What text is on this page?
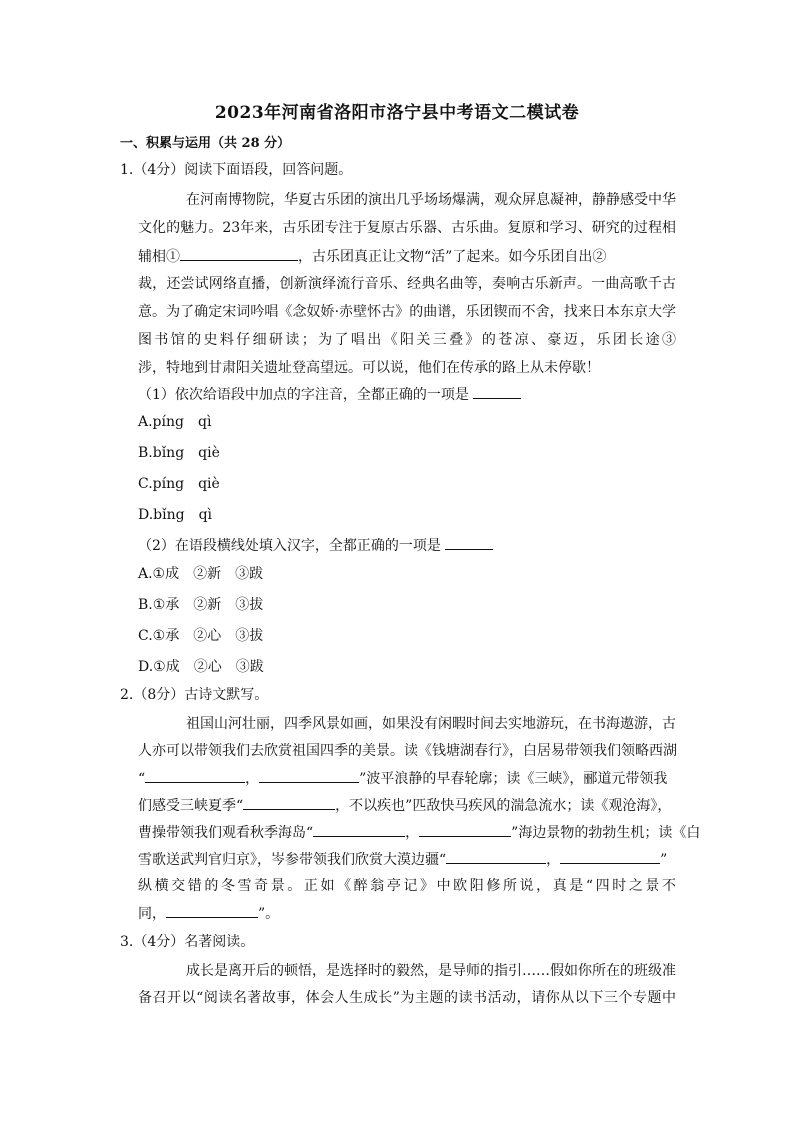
2023年河南省洛阳市洛宁县中考语文二模试卷
一、积累与运用（共 28 分）
1.（4分）阅读下面语段，回答问题。
在河南博物院，华夏古乐团的演出几乎场场爆满，观众屏息凝神，静静感受中华
文化的魅力。23年来，古乐团专注于复原古乐器、古乐曲。复原和学习、研究的过程相
辅相①	，古乐团真正让文物“活”了起来。如今乐团自出②
裁，还尝试网络直播，创新演绎流行音乐、经典名曲等，奏响古乐新声。一曲高歌千古
意。为了确定宋词吟唱《念奴娇·赤壁怀古》的曲谱，乐团锲而不舍，找来日本东京大学
图书馆的史料仔细研读；为了唱出《阳关三叠》的苍凉、豪迈，乐团长途③
涉，特地到甘肃阳关遗址登高望远。可以说，他们在传承的路上从未停歇！
（1）依次给语段中加点的字注音，全都正确的一项是
A.píng　qì
B.bǐng　qiè
C.píng　qiè
D.bǐng　qì
（2）在语段横线处填入汉字，全都正确的一项是
A.①成　②新　③跋
B.①承　②新　③拔
C.①承　②心　③拔
D.①成　②心　③跋
2.（8分）古诗文默写。
祖国山河壮丽，四季风景如画，如果没有闲暇时间去实地游玩，在书海遨游，古
人亦可以带领我们去欣赏祖国四季的美景。读《钱塘湖春行》，白居易带领我们领略西湖
“	，	”波平浪静的早春轮廓；读《三峡》，郦道元带领我
们感受三峡夏季“	，不以疾也”匹敌快马疾风的湍急流水；读《观沧海》，
曹操带领我们观看秋季海岛“	，	”海边景物的勃勃生机；读《白
雪歌送武判官归京》，岑参带领我们欣赏大漠边疆“	，	”
纵横交错的冬雪奇景。正如《醉翁亭记》中欧阳修所说，真是“四时之景不
同，	”。
3.（4分）名著阅读。
成长是离开后的顿悟，是选择时的毅然，是导师的指引……假如你所在的班级准
备召开以“阅读名著故事，体会人生成长”为主题的读书活动，请你从以下三个专题中
